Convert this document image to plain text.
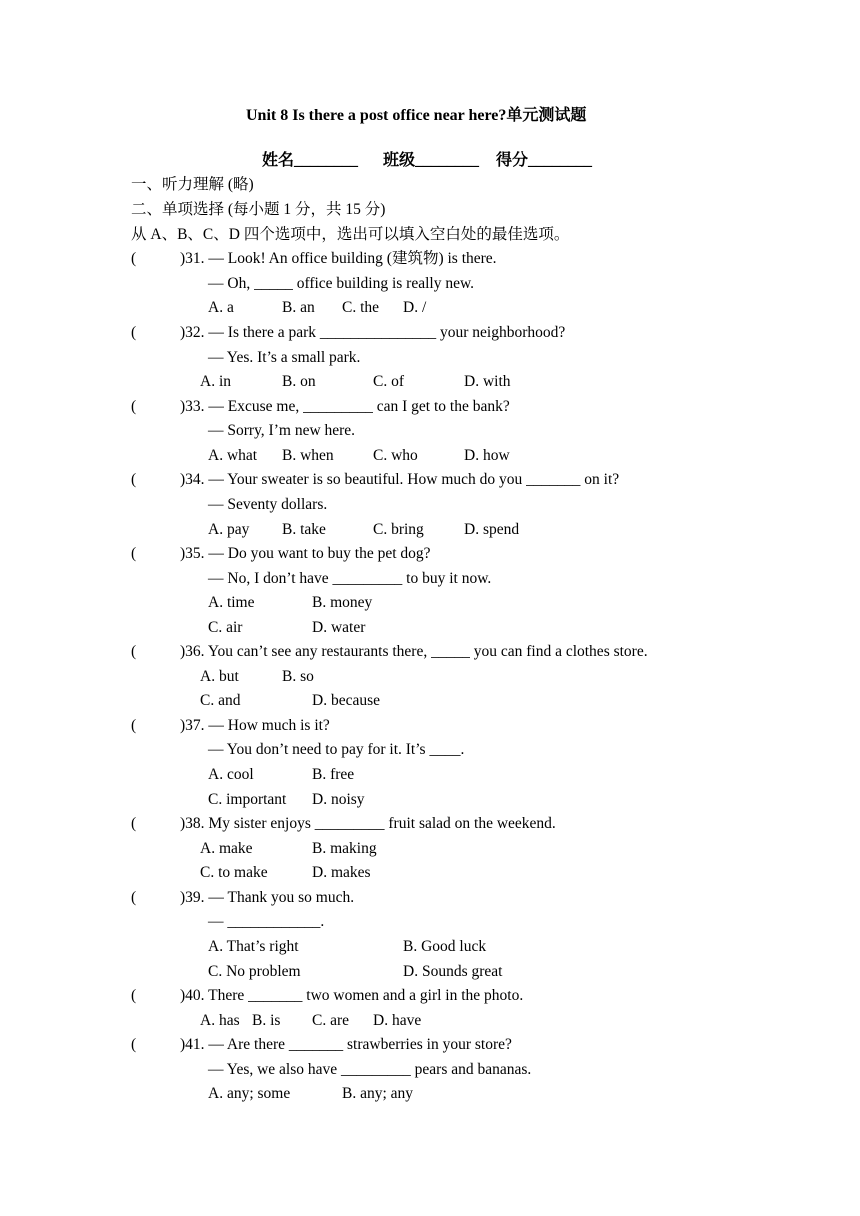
Unit 8 Is there a post office near here?单元测试题
姓名________ 班级________ 得分________
一、听力理解 (略)
二、单项选择 (每小题 1 分，共 15 分)
从 A、B、C、D 四个选项中，选出可以填入空白处的最佳选项。
(	)31. — Look! An office building (建筑物) is there.
— Oh, _____ office building is really new.
A. a	B. an C. the D. /
(	)32. — Is there a park _______________ your neighborhood?
— Yes. It’s a small park.
A. in	B. on	C. of	D. with
(	)33. — Excuse me, _________ can I get to the bank?
— Sorry, I’m new here.
A. what B. when	C. who	D. how
(	)34. — Your sweater is so beautiful. How much do you _______ on it?
— Seventy dollars.
A. pay B. take	C. bring	D. spend
(	)35. — Do you want to buy the pet dog?
— No, I don’t have _________ to buy it now.
A. time	B. money
C. air	D. water
(	)36. You can’t see any restaurants there, _____ you can find a clothes store.
A. but	B. so
C. and	D. because
(	)37. — How much is it?
— You don’t need to pay for it. It’s ____.
A. cool	B. free
C. important D. noisy
(	)38. My sister enjoys _________ fruit salad on the weekend.
A. make	B. making
C. to make	D. makes
(	)39. — Thank you so much.
— ____________.
A. That’s right	B. Good luck
C. No problem	D. Sounds great
(	)40. There _______ two women and a girl in the photo.
A. has B. is C. are D. have
(	)41. — Are there _______ strawberries in your store?
— Yes, we also have _________ pears and bananas.
A. any; some	B. any; any
